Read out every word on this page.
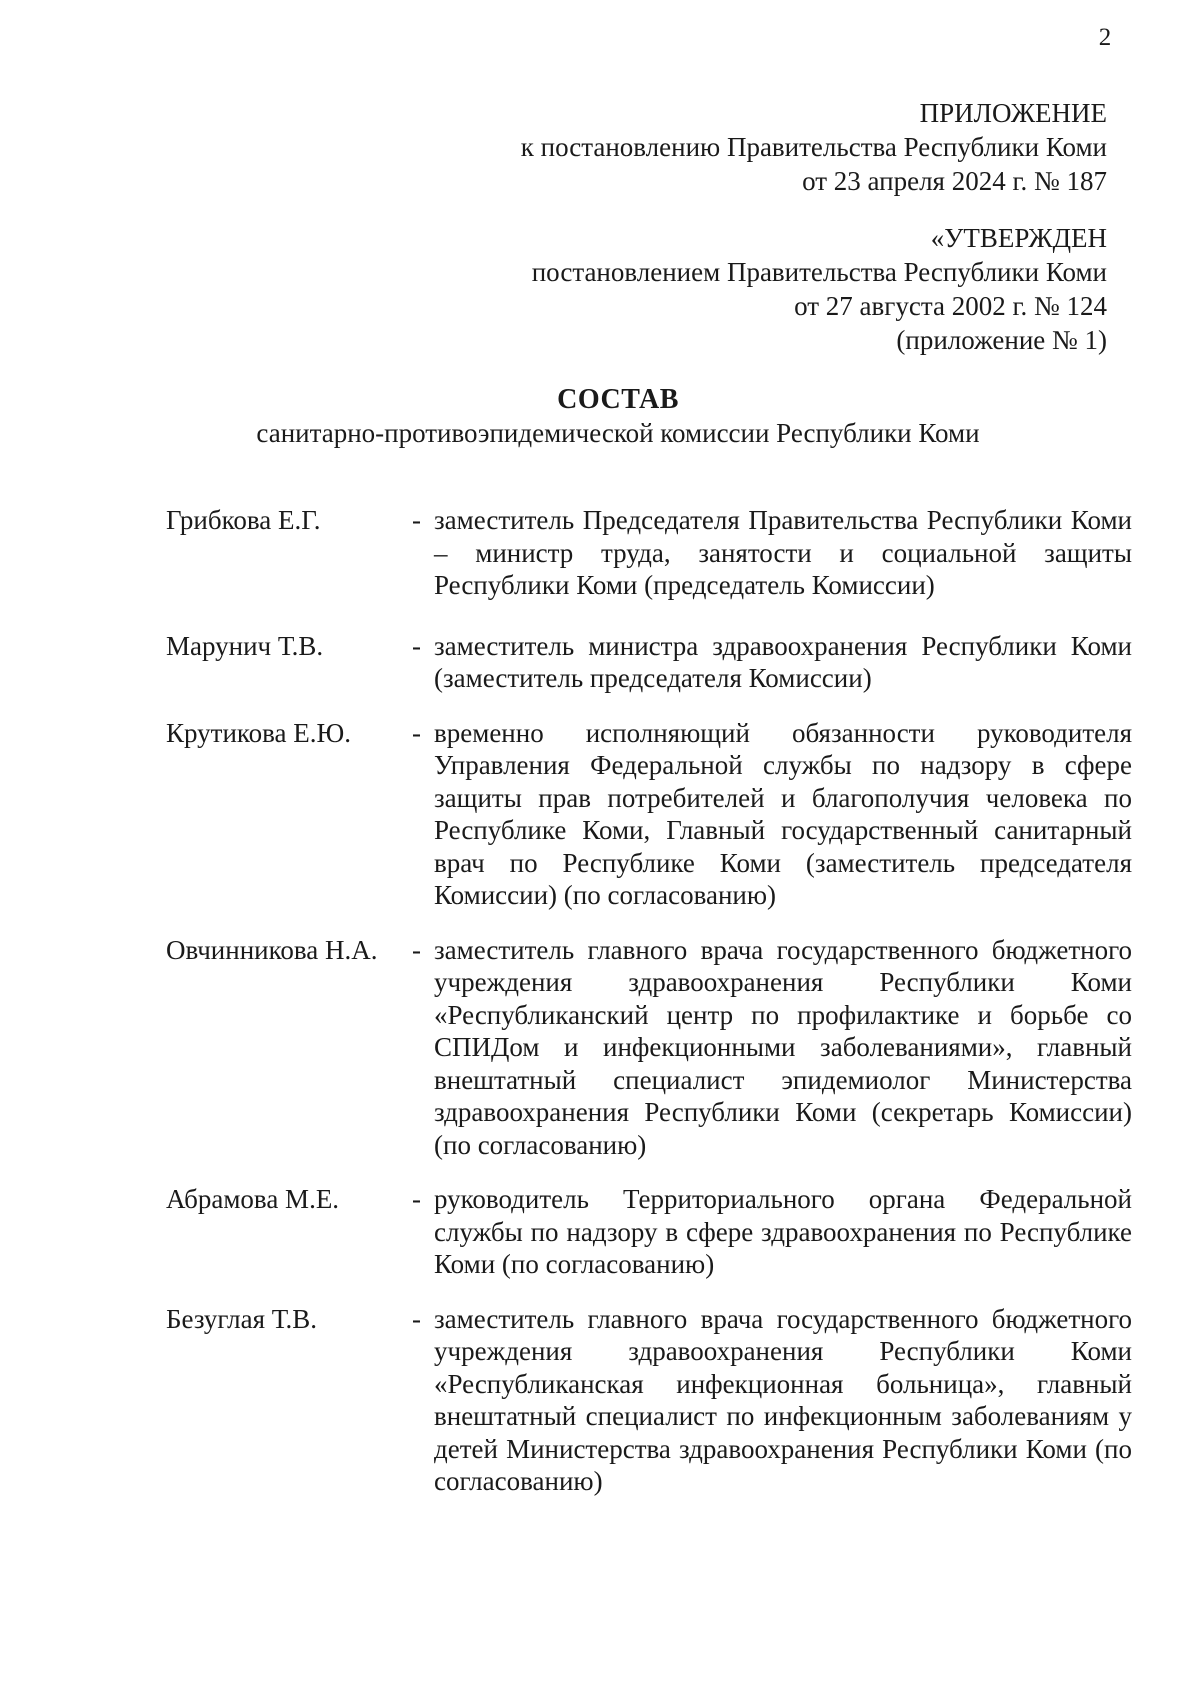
2

ПРИЛОЖЕНИЕ

к постановлению Правительства Республики Коми

от 23 апреля 2024 г. № 187

«УТВЕРЖДЕН

постановлением Правительства Республики Коми

от 27 августа 2002 г. № 124

(приложение № 1)

СОСТАВ
санитарно-противоэпидемической комиссии Республики Коми
Грибкова Е.Г.	- заместитель Председателя Правительства Республики Коми – министр труда, занятости и социальной защиты Республики Коми (председатель Комиссии)
Марунич Т.В.	- заместитель министра здравоохранения Республики Коми (заместитель председателя Комиссии)
Крутикова Е.Ю.	- временно исполняющий обязанности руководителя Управления Федеральной службы по надзору в сфере защиты прав потребителей и благополучия человека по Республике Коми, Главный государственный санитарный врач по Республике Коми (заместитель председателя Комиссии) (по согласованию)
Овчинникова Н.А.	- заместитель главного врача государственного бюджетного учреждения здравоохранения Республики Коми «Республиканский центр по профилактике и борьбе со СПИДом и инфекционными заболеваниями», главный внештатный специалист эпидемиолог Министерства здравоохранения Республики Коми (секретарь Комиссии) (по согласованию)
Абрамова М.Е.	- руководитель Территориального органа Федеральной службы по надзору в сфере здравоохранения по Республике Коми (по согласованию)
Безуглая Т.В.	- заместитель главного врача государственного бюджетного учреждения здравоохранения Республики Коми «Республиканская инфекционная больница», главный внештатный специалист по инфекционным заболеваниям у детей Министерства здравоохранения Республики Коми (по согласованию)
